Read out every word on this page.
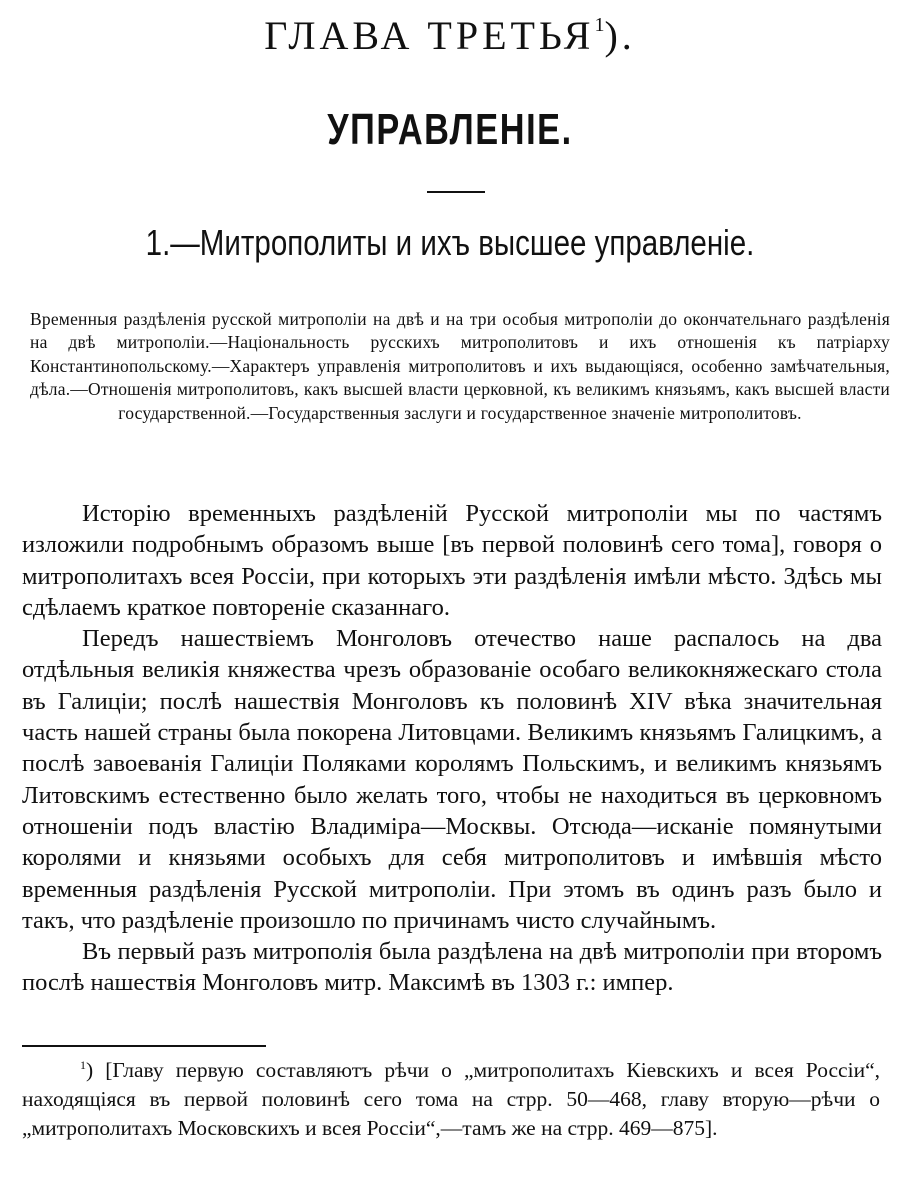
ГЛАВА ТРЕТЬЯ$^1$).
УПРАВЛЕНІЕ.
1.—Митрополиты и ихъ высшее управленіе.
Временныя раздѣленія русской митрополіи на двѣ и на три особыя митрополіи до окончательнаго раздѣленія на двѣ митрополіи.—Національность русскихъ митрополитовъ и ихъ отношенія къ патріарху Константинопольскому.—Характеръ управленія митрополитовъ и ихъ выдающіяся, особенно замѣчательныя, дѣла.—Отношенія митрополитовъ, какъ высшей власти церковной, къ великимъ князьямъ, какъ высшей власти государственной.—Государственныя заслуги и государственное значеніе митрополитовъ.

Исторію временныхъ раздѣленій Русской митрополіи мы по частямъ изложили подробнымъ образомъ выше [въ первой половинѣ сего тома], говоря о митрополитахъ всея Россіи, при которыхъ эти раздѣленія имѣли мѣсто. Здѣсь мы сдѣлаемъ краткое повтореніе сказаннаго.

Передъ нашествіемъ Монголовъ отечество наше распалось на два отдѣльныя великія княжества чрезъ образованіе особаго великокняжескаго стола въ Галиціи; послѣ нашествія Монголовъ къ половинѣ XIV вѣка значительная часть нашей страны была покорена Литовцами. Великимъ князьямъ Галицкимъ, а послѣ завоеванія Галиціи Поляками королямъ Польскимъ, и великимъ князьямъ Литовскимъ естественно было желать того, чтобы не находиться въ церковномъ отношеніи подъ властію Владиміра—Москвы. Отсюда—исканіе помянутыми королями и князьями особыхъ для себя митрополитовъ и имѣвшія мѣсто временныя раздѣленія Русской митрополіи. При этомъ въ одинъ разъ было и такъ, что раздѣленіе произошло по причинамъ чисто случайнымъ.

Въ первый разъ митрополія была раздѣлена на двѣ митрополіи при второмъ послѣ нашествія Монголовъ митр. Максимѣ въ 1303 г.: импер.

$^1$) [Главу первую составляютъ рѣчи о „митрополитахъ Кіевскихъ и всея Россіи“, находящіяся въ первой половинѣ сего тома на стрр. 50—468, главу вторую—рѣчи о „митрополитахъ Московскихъ и всея Россіи“,—тамъ же на стрр. 469—875].
